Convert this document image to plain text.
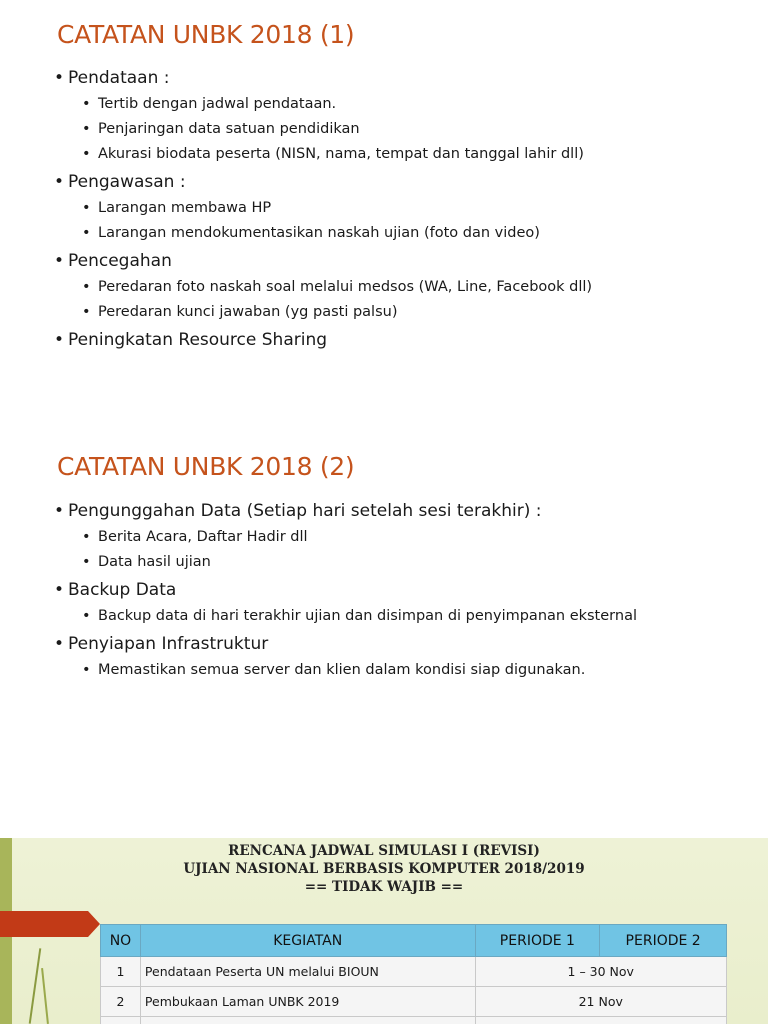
CATATAN UNBK 2018 (1)
• Pendataan :
• Tertib dengan jadwal pendataan.
• Penjaringan data satuan pendidikan
• Akurasi biodata peserta (NISN, nama, tempat dan tanggal lahir dll)
• Pengawasan :
• Larangan membawa HP
• Larangan mendokumentasikan naskah ujian (foto dan video)
• Pencegahan
• Peredaran foto naskah soal melalui medsos (WA, Line, Facebook dll)
• Peredaran kunci jawaban (yg pasti palsu)
• Peningkatan Resource Sharing
CATATAN UNBK 2018 (2)
• Pengunggahan Data (Setiap hari setelah sesi terakhir) :
• Berita Acara, Daftar Hadir dll
• Data hasil ujian
• Backup Data
• Backup data di hari terakhir ujian dan disimpan di penyimpanan eksternal
• Penyiapan Infrastruktur
• Memastikan semua server dan klien dalam kondisi siap digunakan.
RENCANA JADWAL SIMULASI I (REVISI)
UJIAN NASIONAL BERBASIS KOMPUTER 2018/2019
== TIDAK WAJIB ==
NO	KEGIATAN	PERIODE 1	PERIODE 2
1	Pendataan Peserta UN melalui BIOUN	1 – 30 Nov	
2	Pembukaan Laman UNBK 2019	21 Nov	
